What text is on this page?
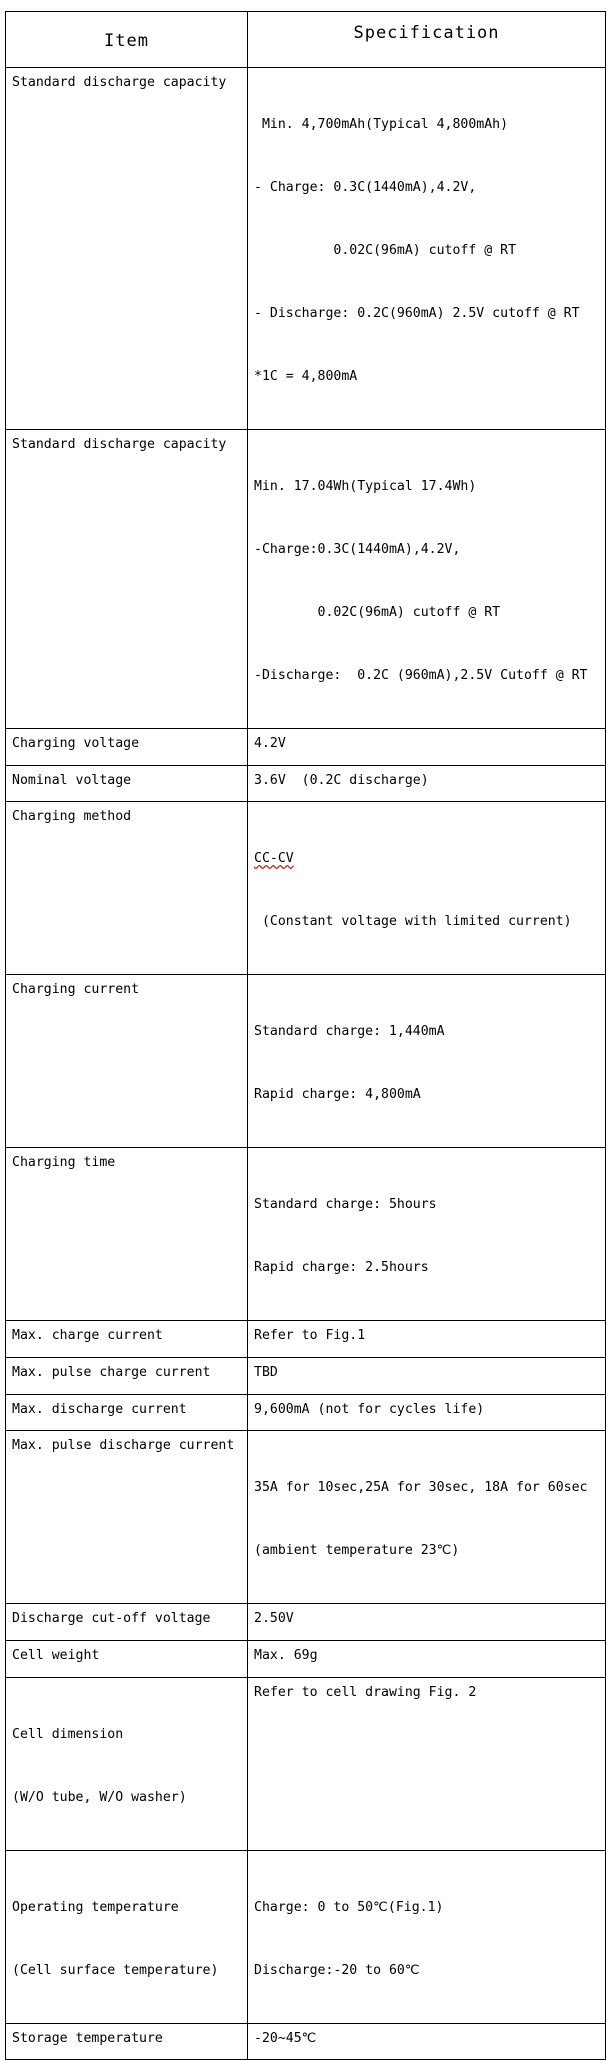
Item	Specification

Standard discharge capacity	Min. 4,700mAh(Typical 4,800mAh)

- Charge: 0.3C(1440mA),4.2V,

0.02C(96mA) cutoff @ RT

- Discharge: 0.2C(960mA) 2.5V cutoff @ RT

*1C = 4,800mA

Standard discharge capacity	Min. 17.04Wh(Typical 17.4Wh)

-Charge:0.3C(1440mA),4.2V,

0.02C(96mA) cutoff @ RT

-Discharge:  0.2C (960mA),2.5V Cutoff @ RT

Charging voltage	4.2V

Nominal voltage	3.6V  (0.2C discharge)

Charging method	CC-CV

(Constant voltage with limited current)

Charging current	Standard charge: 1,440mA

Rapid charge: 4,800mA

Charging time	Standard charge: 5hours

Rapid charge: 2.5hours

Max. charge current	Refer to Fig.1

Max. pulse charge current	TBD

Max. discharge current	9,600mA (not for cycles life)

Max. pulse discharge current	35A for 10sec,25A for 30sec, 18A for 60sec

(ambient temperature 23℃)

Discharge cut-off voltage	2.50V

Cell weight	Max. 69g

Cell dimension

(W/O tube, W/O washer)	Refer to cell drawing Fig. 2

Operating temperature

(Cell surface temperature)	Charge: 0 to 50℃(Fig.1)

Discharge:-20 to 60℃

Storage temperature	-20~45℃
